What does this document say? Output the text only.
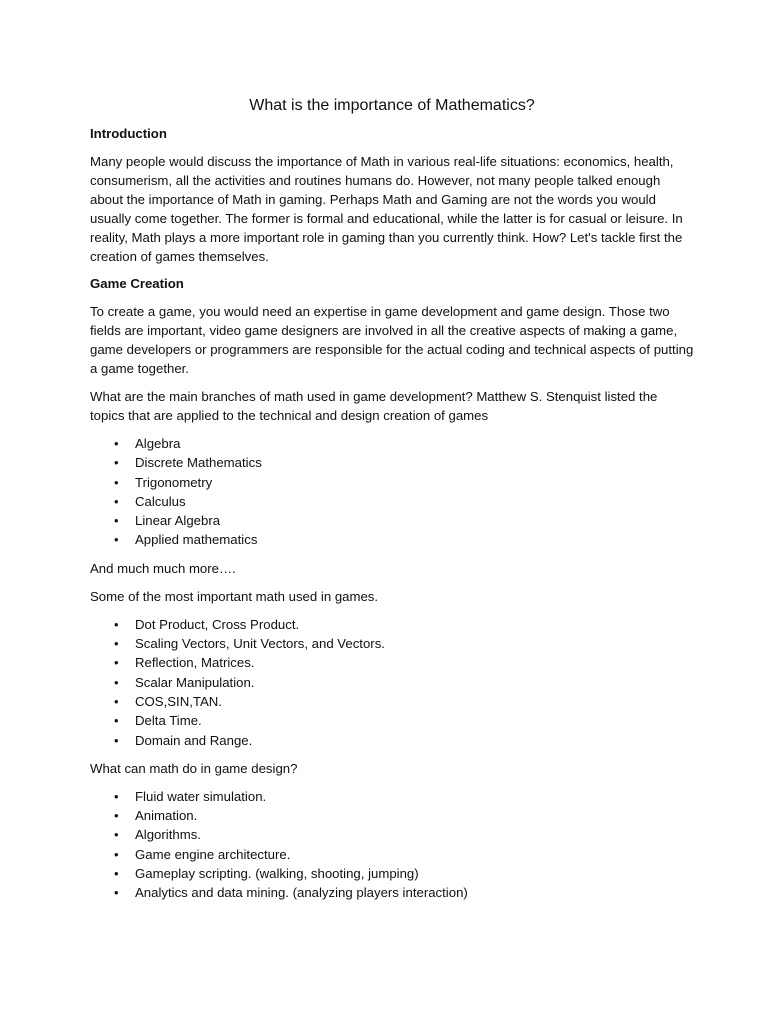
What is the importance of Mathematics?
Introduction

Many people would discuss the importance of Math in various real-life situations: economics, health, consumerism, all the activities and routines humans do. However, not many people talked enough about the importance of Math in gaming. Perhaps Math and Gaming are not the words you would usually come together. The former is formal and educational, while the latter is for casual or leisure. In reality, Math plays a more important role in gaming than you currently think. How? Let's tackle first the creation of games themselves.

Game Creation

To create a game, you would need an expertise in game development and game design. Those two fields are important, video game designers are involved in all the creative aspects of making a game, game developers or programmers are responsible for the actual coding and technical aspects of putting a game together.

What are the main branches of math used in game development? Matthew S. Stenquist listed the topics that are applied to the technical and design creation of games

• Algebra
• Discrete Mathematics
• Trigonometry
• Calculus
• Linear Algebra
• Applied mathematics

And much much more….

Some of the most important math used in games.

• Dot Product, Cross Product.
• Scaling Vectors, Unit Vectors, and Vectors.
• Reflection, Matrices.
• Scalar Manipulation.
• COS,SIN,TAN.
• Delta Time.
• Domain and Range.

What can math do in game design?

• Fluid water simulation.
• Animation.
• Algorithms.
• Game engine architecture.
• Gameplay scripting. (walking, shooting, jumping)
• Analytics and data mining. (analyzing players interaction)
